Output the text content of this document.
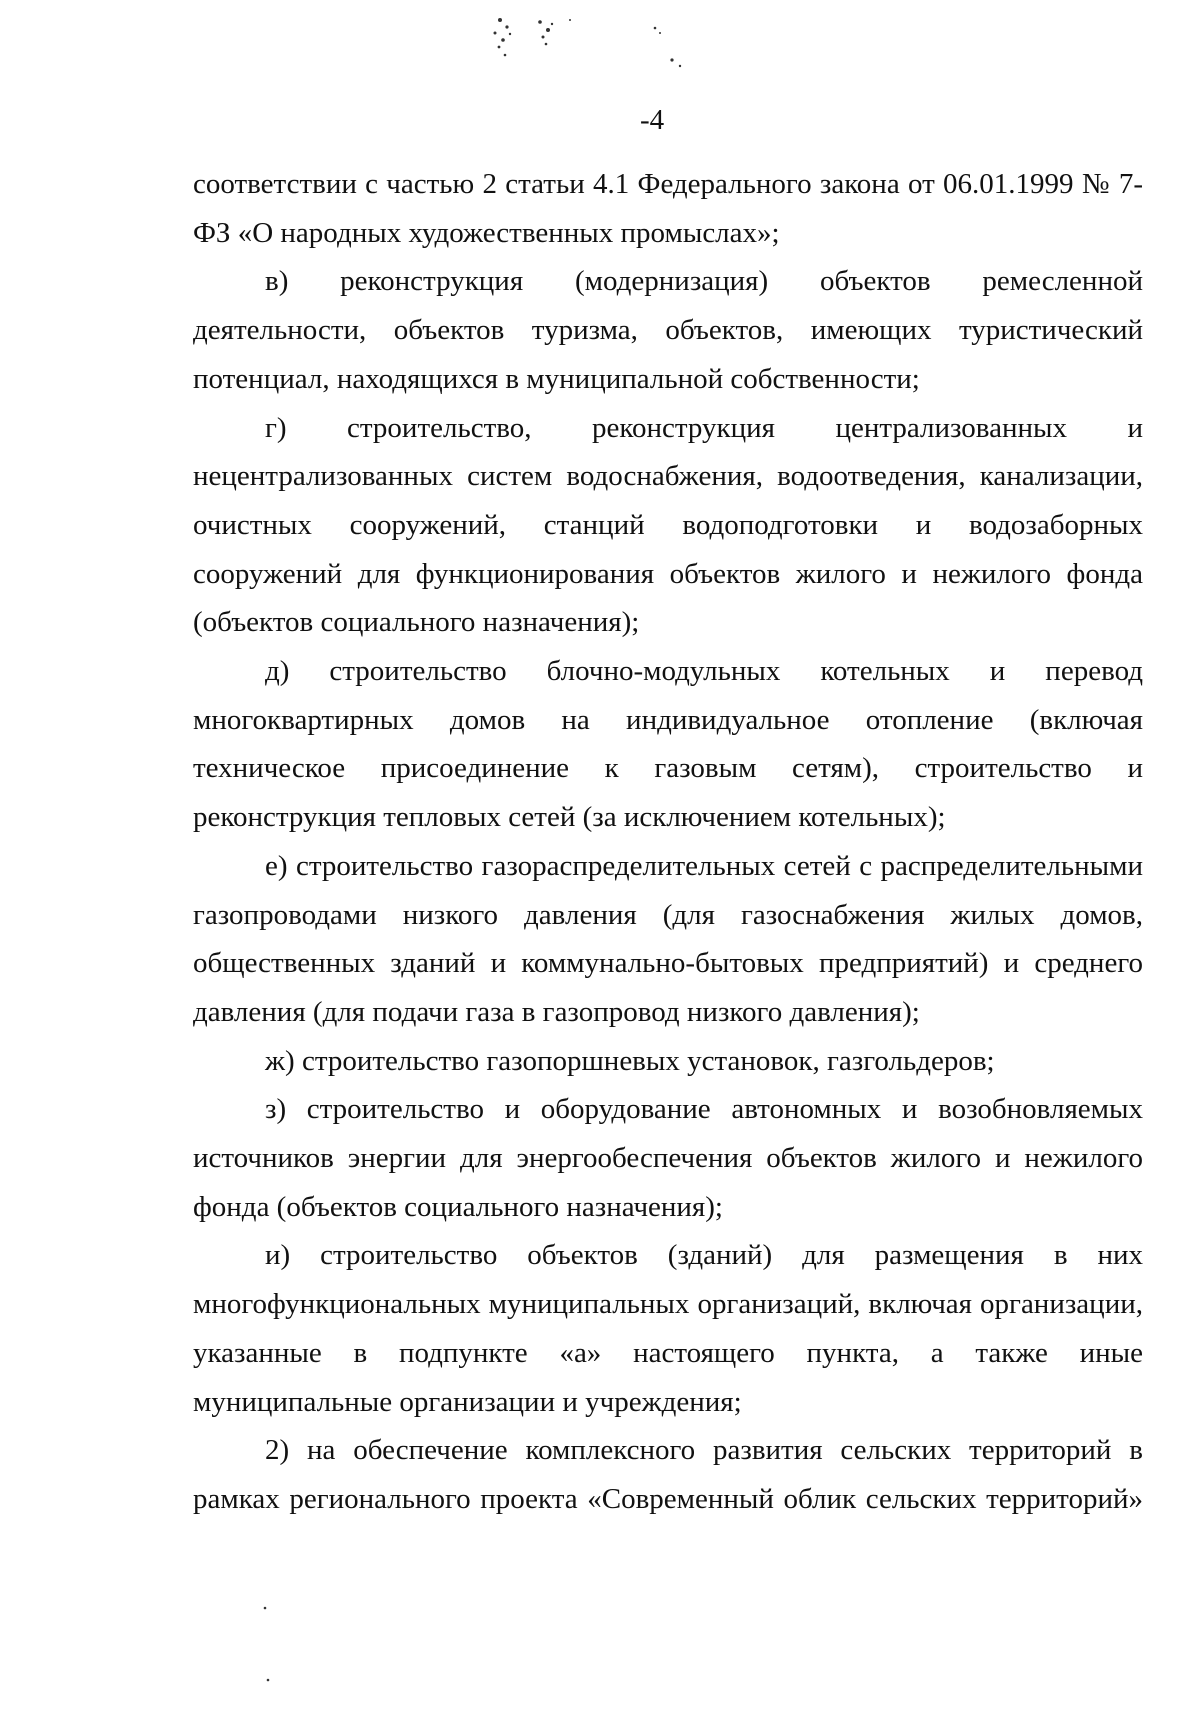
-4

соответствии с частью 2 статьи 4.1 Федерального закона от 06.01.1999 № 7-ФЗ «О народных художественных промыслах»;

в) реконструкция (модернизация) объектов ремесленной деятельности, объектов туризма, объектов, имеющих туристический потенциал, находящихся в муниципальной собственности;

г) строительство, реконструкция централизованных и нецентрализованных систем водоснабжения, водоотведения, канализации, очистных сооружений, станций водоподготовки и водозаборных сооружений для функционирования объектов жилого и нежилого фонда (объектов социального назначения);

д) строительство блочно-модульных котельных и перевод многоквартирных домов на индивидуальное отопление (включая техническое присоединение к газовым сетям), строительство и реконструкция тепловых сетей (за исключением котельных);

е) строительство газораспределительных сетей с распределительными газопроводами низкого давления (для газоснабжения жилых домов, общественных зданий и коммунально-бытовых предприятий) и среднего давления (для подачи газа в газопровод низкого давления);

ж) строительство газопоршневых установок, газгольдеров;

з) строительство и оборудование автономных и возобновляемых источников энергии для энергообеспечения объектов жилого и нежилого фонда (объектов социального назначения);

и) строительство объектов (зданий) для размещения в них многофункциональных муниципальных организаций, включая организации, указанные в подпункте «а» настоящего пункта, а также иные муниципальные организации и учреждения;

2) на обеспечение комплексного развития сельских территорий в рамках регионального проекта «Современный облик сельских территорий»
